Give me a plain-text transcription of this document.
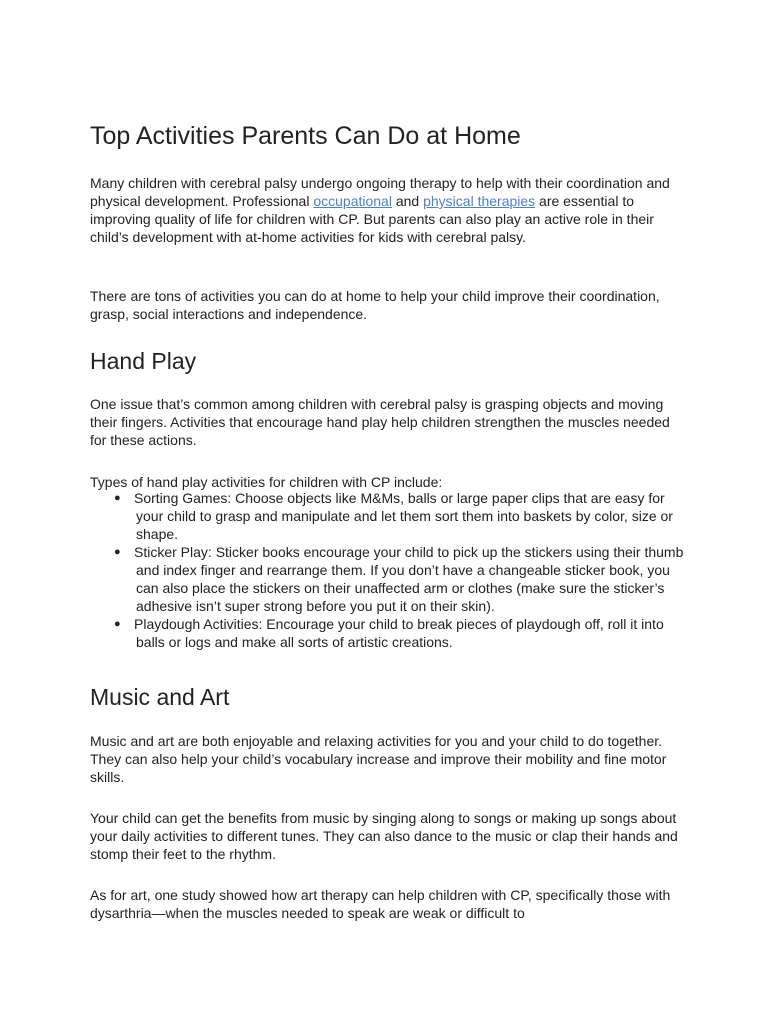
Top Activities Parents Can Do at Home

Many children with cerebral palsy undergo ongoing therapy to help with their coordination and physical development. Professional occupational and physical therapies are essential to improving quality of life for children with CP. But parents can also play an active role in their child’s development with at-home activities for kids with cerebral palsy.

There are tons of activities you can do at home to help your child improve their coordination, grasp, social interactions and independence.

Hand Play

One issue that’s common among children with cerebral palsy is grasping objects and moving their fingers. Activities that encourage hand play help children strengthen the muscles needed for these actions.

Types of hand play activities for children with CP include:

● Sorting Games: Choose objects like M&Ms, balls or large paper clips that are easy for your child to grasp and manipulate and let them sort them into baskets by color, size or shape.
● Sticker Play: Sticker books encourage your child to pick up the stickers using their thumb and index finger and rearrange them. If you don’t have a changeable sticker book, you can also place the stickers on their unaffected arm or clothes (make sure the sticker’s adhesive isn’t super strong before you put it on their skin).
● Playdough Activities: Encourage your child to break pieces of playdough off, roll it into balls or logs and make all sorts of artistic creations.
Music and Art

Music and art are both enjoyable and relaxing activities for you and your child to do together. They can also help your child’s vocabulary increase and improve their mobility and fine motor skills.

Your child can get the benefits from music by singing along to songs or making up songs about your daily activities to different tunes. They can also dance to the music or clap their hands and stomp their feet to the rhythm.

As for art, one study showed how art therapy can help children with CP, specifically those with dysarthria—when the muscles needed to speak are weak or difficult to
